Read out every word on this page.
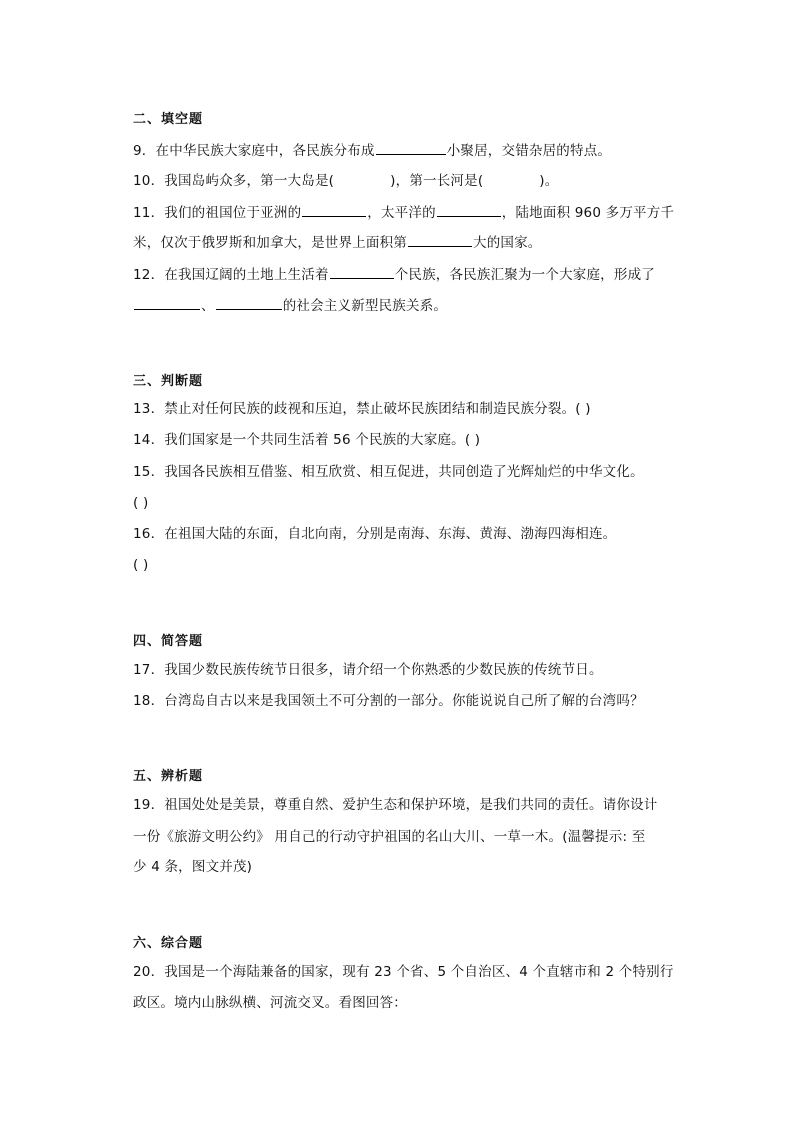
二、填空题
9．在中华民族大家庭中，各民族分布成	小聚居，交错杂居的特点。
10．我国岛屿众多，第一大岛是(	)，第一长河是(	)。
11．我们的祖国位于亚洲的	，太平洋的	，陆地面积 960 多万平方千
米，仅次于俄罗斯和加拿大，是世界上面积第	大的国家。
12．在我国辽阔的土地上生活着	个民族，各民族汇聚为一个大家庭，形成了
、	的社会主义新型民族关系。
三、判断题
13．禁止对任何民族的歧视和压迫，禁止破坏民族团结和制造民族分裂。( )
14．我们国家是一个共同生活着 56 个民族的大家庭。( )
15．我国各民族相互借鉴、相互欣赏、相互促进，共同创造了光辉灿烂的中华文化。
( )
16．在祖国大陆的东面，自北向南，分别是南海、东海、黄海、渤海四海相连。
( )
四、简答题
17．我国少数民族传统节日很多，请介绍一个你熟悉的少数民族的传统节日。
18．台湾岛自古以来是我国领土不可分割的一部分。你能说说自己所了解的台湾吗？
五、辨析题
19．祖国处处是美景，尊重自然、爱护生态和保护环境，是我们共同的责任。请你设计
一份《旅游文明公约》 用自己的行动守护祖国的名山大川、一草一木。(温馨提示: 至
少 4 条，图文并茂)
六、综合题
20．我国是一个海陆兼备的国家，现有 23 个省、5 个自治区、4 个直辖市和 2 个特别行
政区。境内山脉纵横、河流交叉。看图回答：
